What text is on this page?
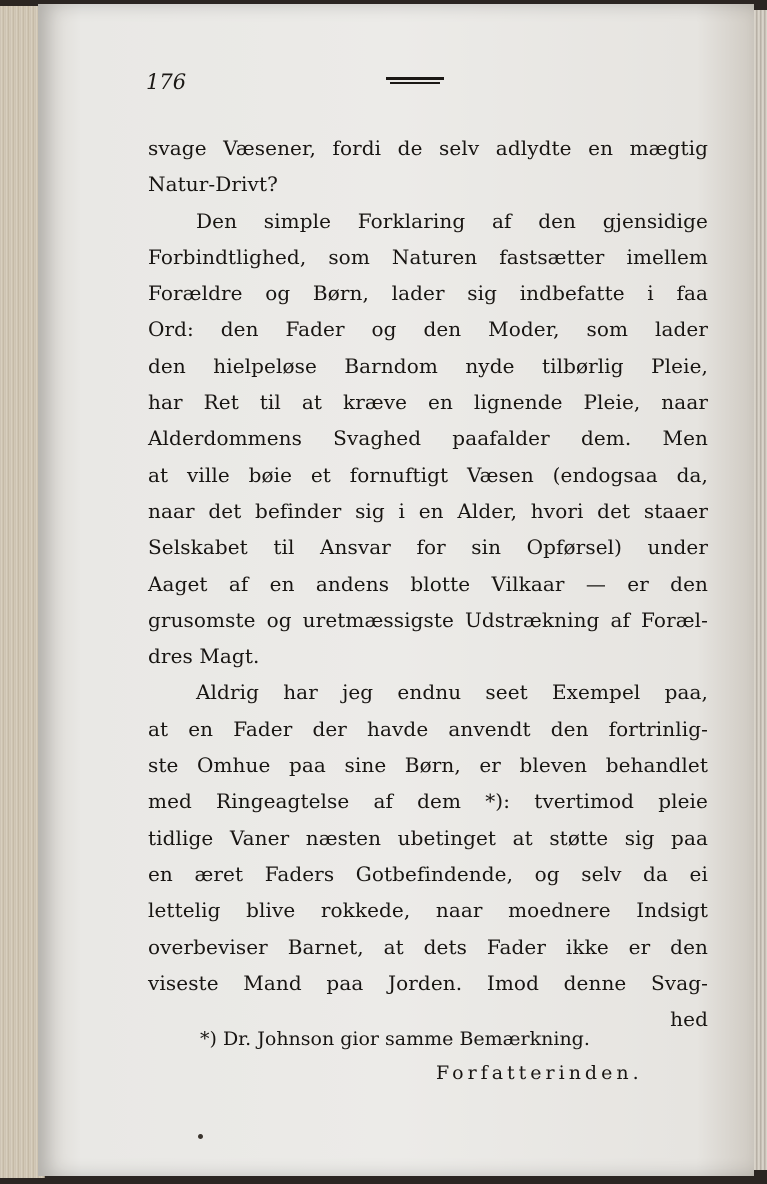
176
svage Væsener, fordi de selv adlydte en mægtig
Natur-Drivt?
Den simple Forklaring af den gjensidige
Forbindtlighed, som Naturen fastsætter imellem
Forældre og Børn, lader sig indbefatte i faa
Ord: den Fader og den Moder, som lader
den hielpeløse Barndom nyde tilbørlig Pleie,
har Ret til at kræve en lignende Pleie, naar
Alderdommens Svaghed paafalder dem. Men
at ville bøie et fornuftigt Væsen (endogsaa da,
naar det befinder sig i en Alder, hvori det staaer
Selskabet til Ansvar for sin Opførsel) under
Aaget af en andens blotte Vilkaar — er den
grusomste og uretmæssigste Udstrækning af Foræl-
dres Magt.
Aldrig har jeg endnu seet Exempel paa,
at en Fader der havde anvendt den fortrinlig-
ste Omhue paa sine Børn, er bleven behandlet
med Ringeagtelse af dem *): tvertimod pleie
tidlige Vaner næsten ubetinget at støtte sig paa
en æret Faders Gotbefindende, og selv da ei
lettelig blive rokkede, naar moednere Indsigt
overbeviser Barnet, at dets Fader ikke er den
viseste Mand paa Jorden. Imod denne Svag-
hed
*) Dr. Johnson gior samme Bemærkning.
Forfatterinden.
